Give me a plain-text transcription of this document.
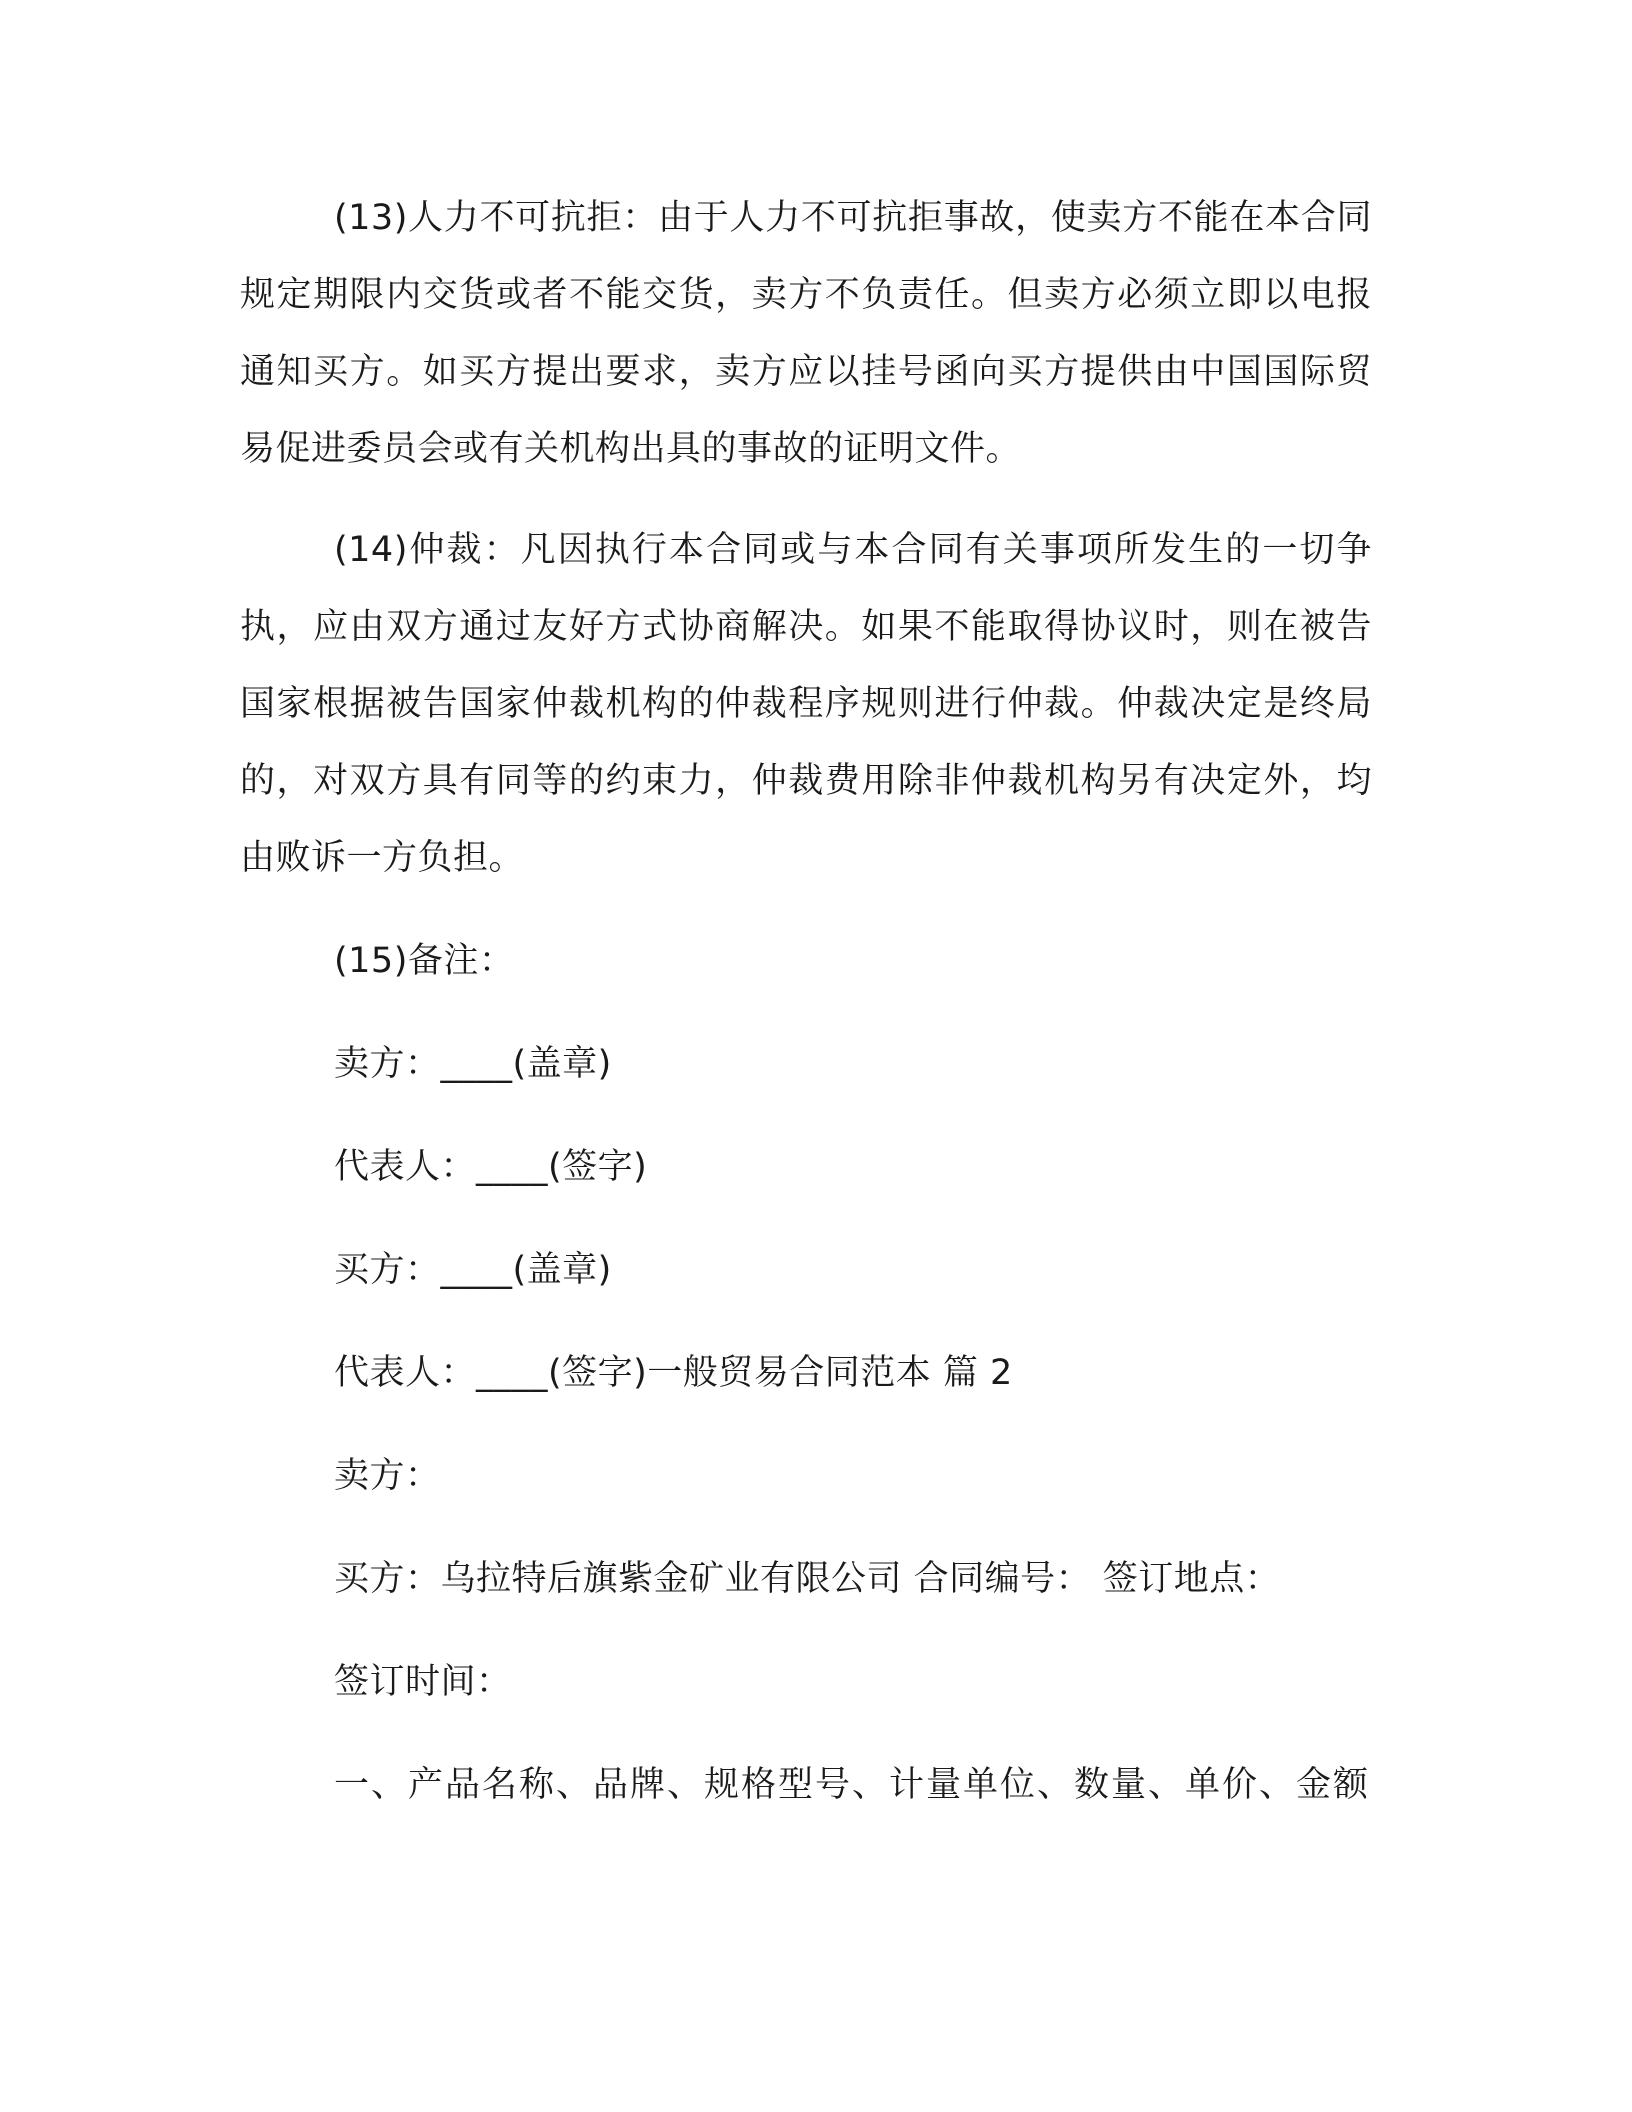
(13)人力不可抗拒：由于人力不可抗拒事故，使卖方不能在本合同规定期限内交货或者不能交货，卖方不负责任。但卖方必须立即以电报通知买方。如买方提出要求，卖方应以挂号函向买方提供由中国国际贸易促进委员会或有关机构出具的事故的证明文件。

(14)仲裁：凡因执行本合同或与本合同有关事项所发生的一切争执，应由双方通过友好方式协商解决。如果不能取得协议时，则在被告国家根据被告国家仲裁机构的仲裁程序规则进行仲裁。仲裁决定是终局的，对双方具有同等的约束力，仲裁费用除非仲裁机构另有决定外，均由败诉一方负担。

(15)备注：

卖方：____(盖章)

代表人：____(签字)

买方：____(盖章)

代表人：____(签字)一般贸易合同范本 篇 2

卖方：

买方：乌拉特后旗紫金矿业有限公司 合同编号： 签订地点：

签订时间：

一、产品名称、品牌、规格型号、计量单位、数量、单价、金额
